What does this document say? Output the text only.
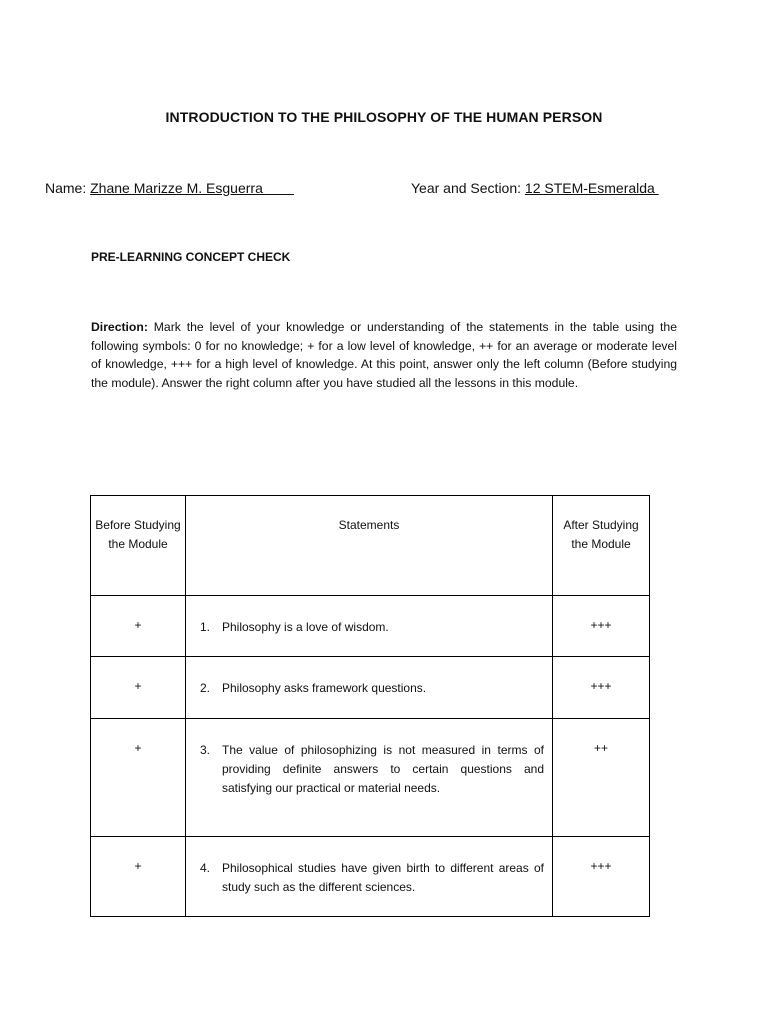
INTRODUCTION TO THE PHILOSOPHY OF THE HUMAN PERSON
Name: Zhane Marizze M. Esguerra	Year and Section: 12 STEM-Esmeralda
PRE-LEARNING CONCEPT CHECK
Direction: Mark the level of your knowledge or understanding of the statements in the table using the following symbols: 0 for no knowledge; + for a low level of knowledge, ++ for an average or moderate level of knowledge, +++ for a high level of knowledge. At this point, answer only the left column (Before studying the module). Answer the right column after you have studied all the lessons in this module.
Before Studying the Module	Statements	After Studying the Module
+	1. Philosophy is a love of wisdom.	+++
+	2. Philosophy asks framework questions.	+++
+	3. The value of philosophizing is not measured in terms of providing definite answers to certain questions and satisfying our practical or material needs.	++
+	4. Philosophical studies have given birth to different areas of study such as the different sciences.	+++
